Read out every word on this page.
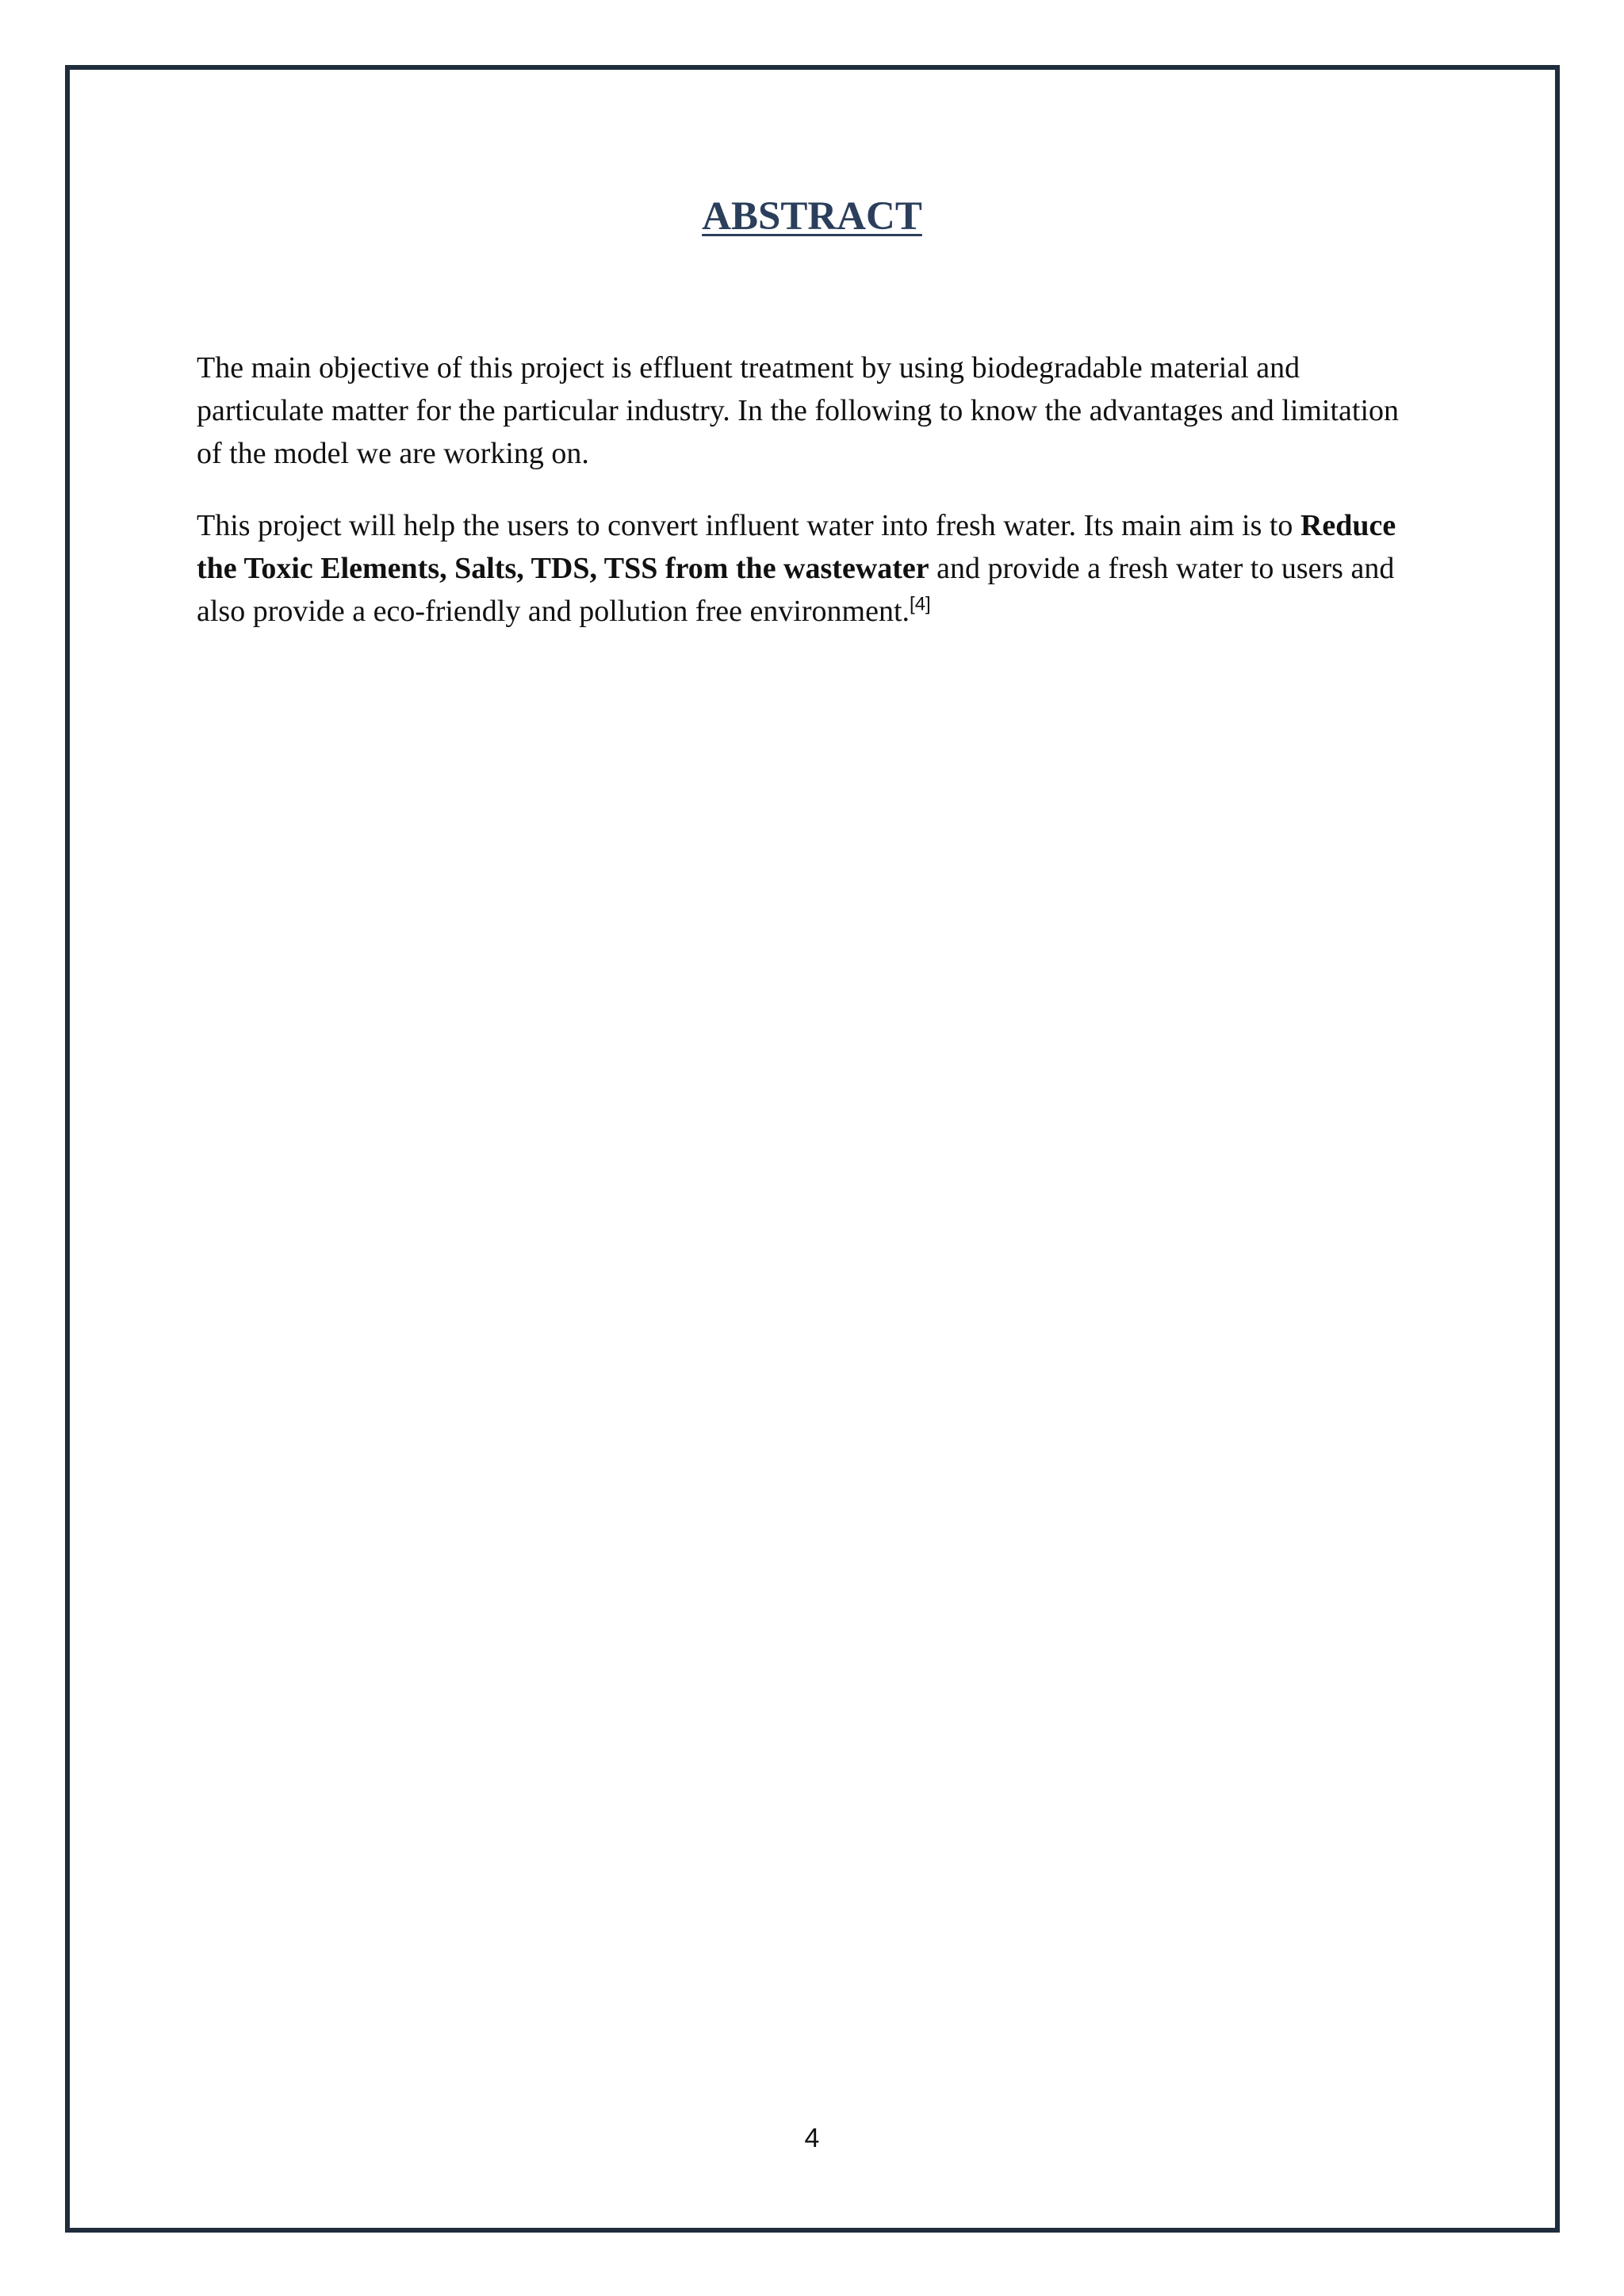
ABSTRACT

The main objective of this project is effluent treatment by using biodegradable material and particulate matter for the particular industry. In the following to know the advantages and limitation of the model we are working on.

This project will help the users to convert influent water into fresh water. Its main aim is to Reduce the Toxic Elements, Salts, TDS, TSS from the wastewater and provide a fresh water to users and also provide a eco-friendly and pollution free environment.[4]

4
